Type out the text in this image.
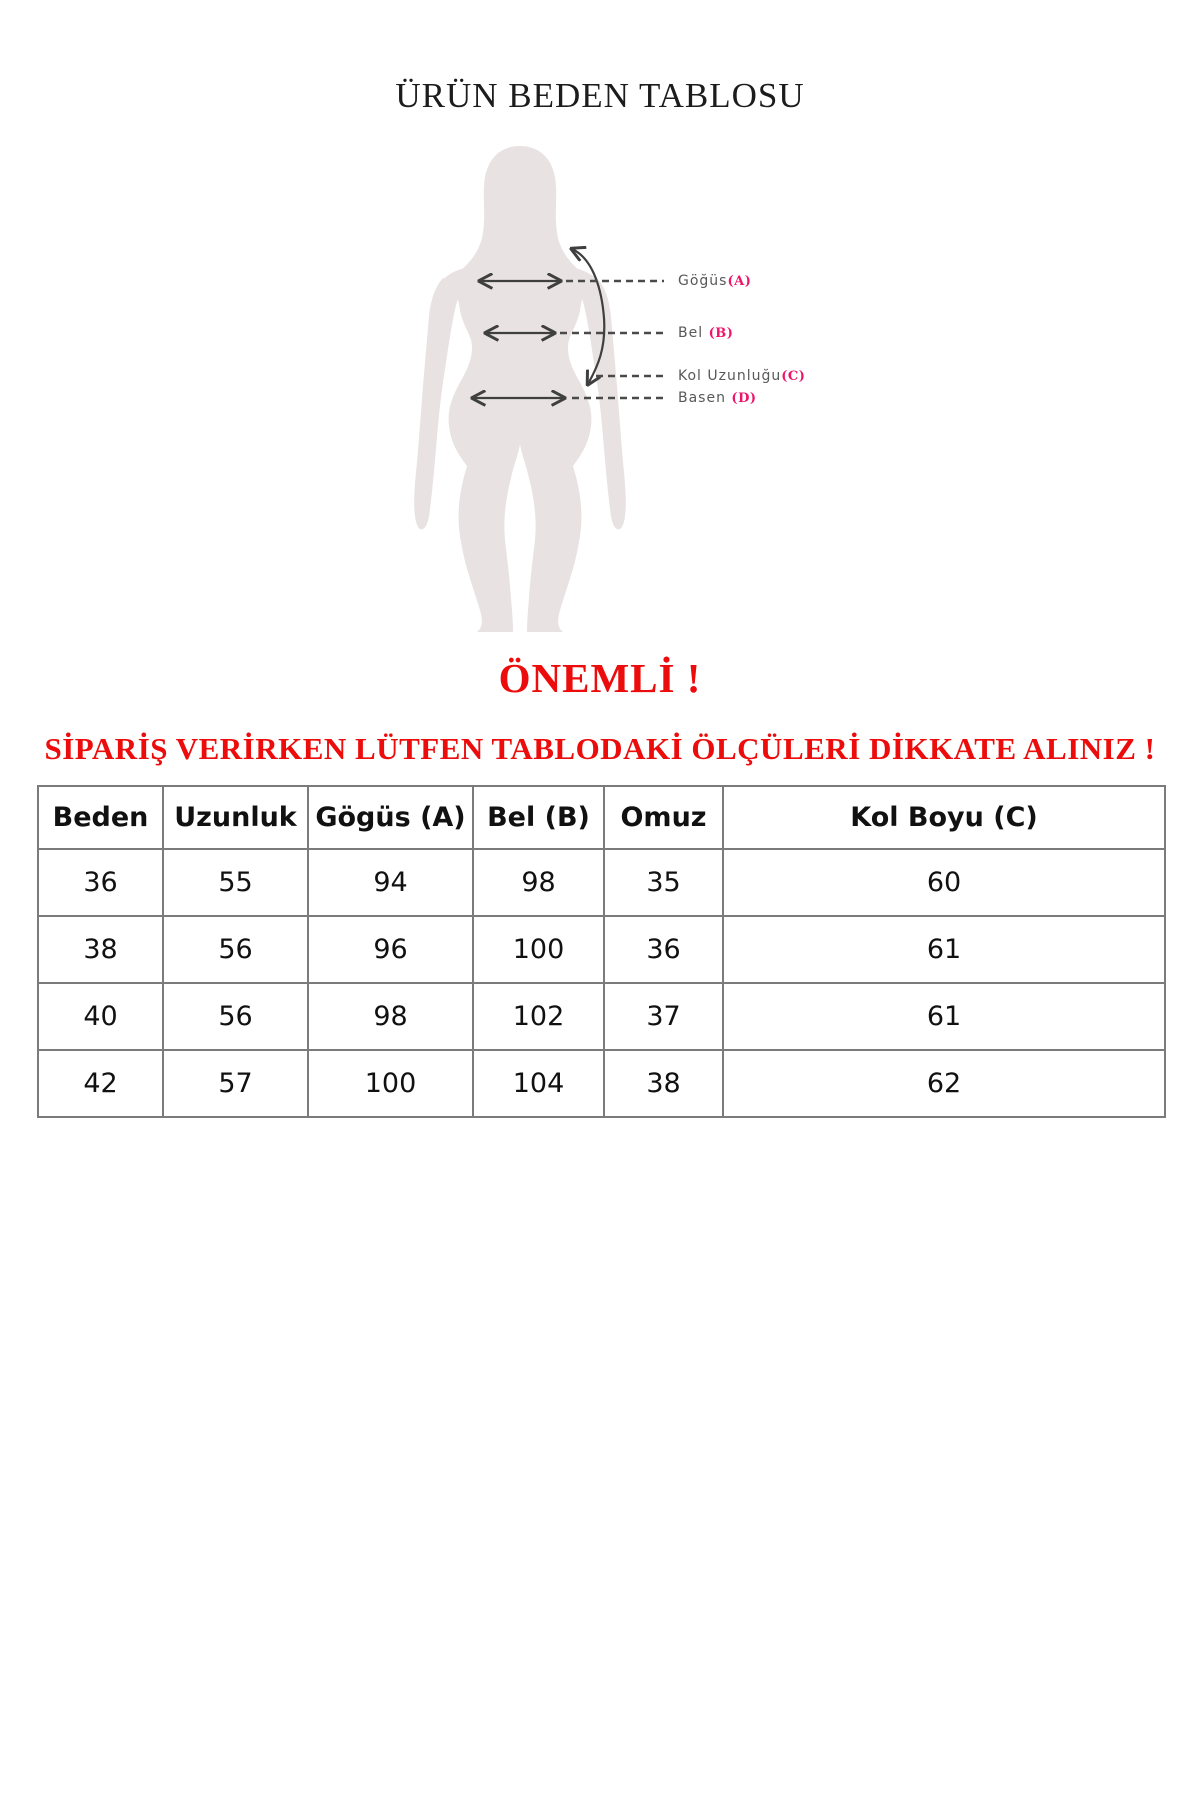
ÜRÜN BEDEN TABLOSU
Göğüs(A)
Bel (B)
Kol Uzunluğu(C)
Basen (D)
ÖNEMLİ !
SİPARİŞ VERİRKEN LÜTFEN TABLODAKİ ÖLÇÜLERİ DİKKATE ALINIZ !
Beden	Uzunluk	Gögüs (A)	Bel (B)	Omuz	Kol Boyu (C)
36	55	94	98	35	60
38	56	96	100	36	61
40	56	98	102	37	61
42	57	100	104	38	62
